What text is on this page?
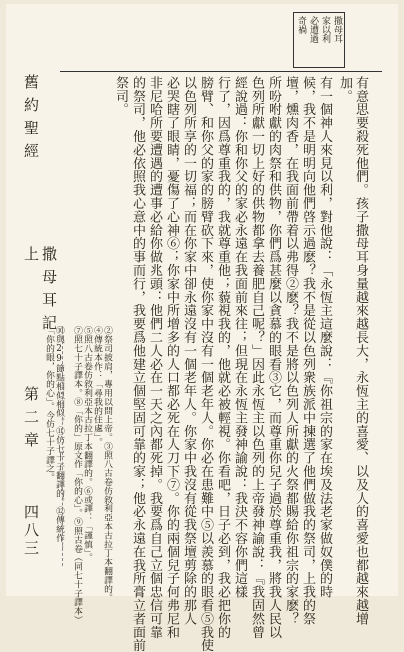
撒母耳
家以利
必遭過
奇禍
有意思要殺死他們。孩子撒母耳身量越來越長大，永恆主的喜愛、以及人的喜愛也都越來越增
加。
有一個神人來見以利，對他說：「永恆主這麼說：『你祖宗的家在埃及法老家做奴僕的時
候，我不是明明向他們啓示過麽？我不是從以色列衆族派中揀選了他們做我的祭司，上我的祭
壇，燻肉香，在我面前帶着以弗得②麽？我不是將以色列人所獻的火祭都賜給你祖宗的家麽？
所吩咐獻的肉祭和供物，你們爲甚麼以貪慕的眼看③它，而尊重你兒子過於尊重我，將我人民以
色列所獻一切上好的供物都拿去養肥自己呢？」因此永恆主以色列的上帝發神諭說：『我固然曾
經說過：你和你父的家必永遠在我面前來往；但現在永恆主發神諭說：我決不容你們這樣
行了，因爲尊重我的，我就尊重他；藐視我的，他就必被輕視。你看吧，日子必到，我必把你的
膀臂、和你父的家的膀臂砍下來，使你家中沒有一個老年人。你必在患難中⑤以羨慕的眼看⑤我使
以色列所享的一切福；而在你家中卻永遠沒有一個老年人。你家中我沒有從我祭壇剪除的那人
必哭瞎了眼睛，憂傷了心神⑥；你家中所增多的人口都必死在人刀下⑦。你的兩個兒子何弗尼和
非尼哈所要遭遇的遭事必給你做兆頭：他們二人必在一天之內都死掉。我要爲自己立個忠信可靠
的祭司，他必依照我心意中的事而行，我要爲他建立個堅固可靠的家；他必永遠在我所膏立者面前
祭司。
②祭司披肩，專用以問上帝。③照八古卷仿敘利亞本古拉丁本翻譯的。
④傳統本作：「尋我的住處」。
⑤照八古卷仿敘利亞本古拉丁本翻譯的。⑥或譯：「謹慎」。
⑦照七十子譯本。⑧「你的」原文作「你的心」。⑨照古卷（同七十子譯本）
⑩與29節點相似相似。⑪仿七十子翻譯的。⑫傳統作：
「你的眼，你的心」。今仿七十子譯之。
舊約聖經
撒母耳記上
第二章
四八三
